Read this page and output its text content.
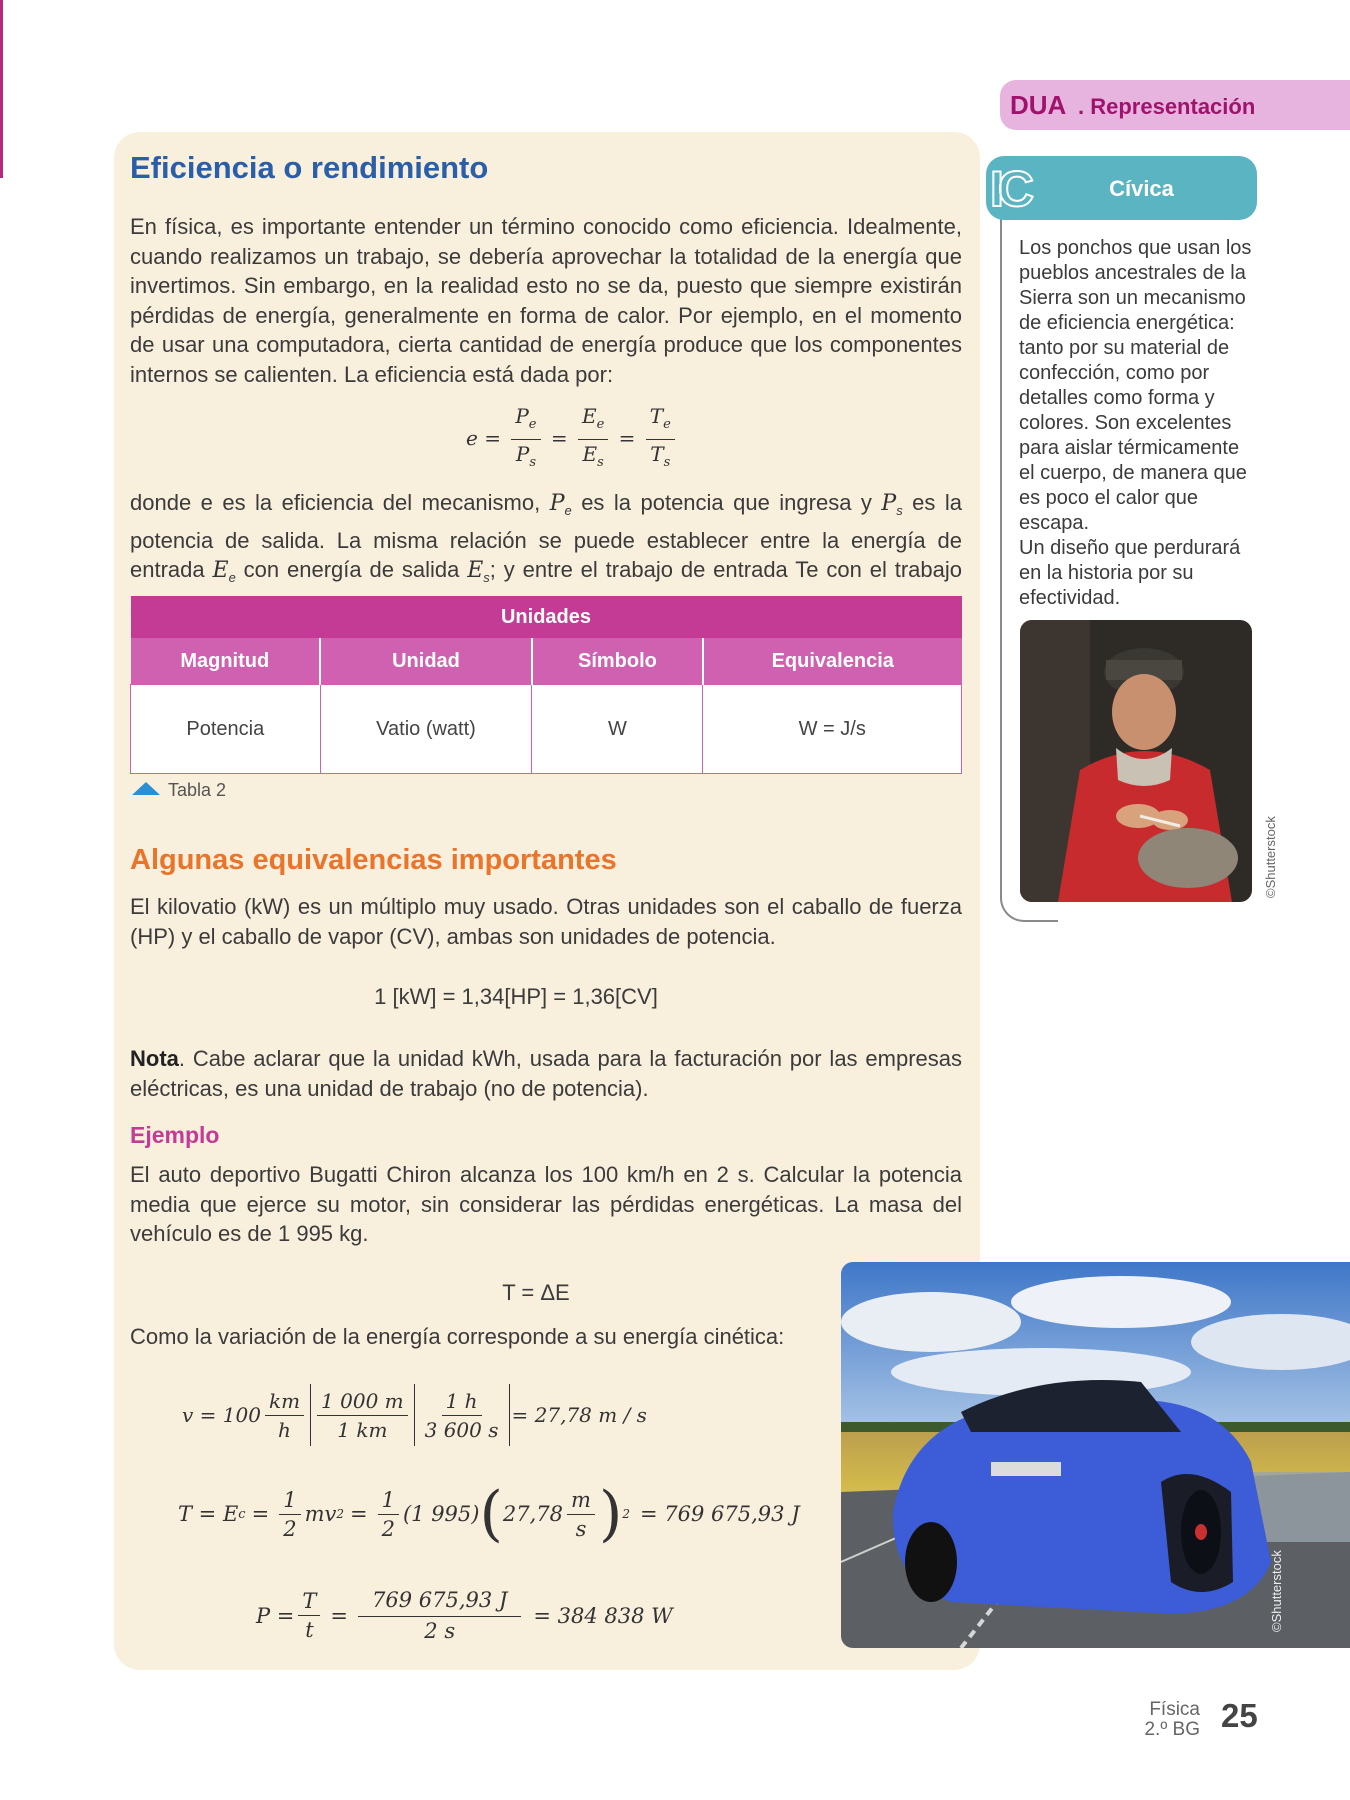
DUA . Representación
Eficiencia o rendimiento
En física, es importante entender un término conocido como eficiencia. Idealmente, cuando realizamos un trabajo, se debería aprovechar la totalidad de la energía que invertimos. Sin embargo, en la realidad esto no se da, puesto que siempre existirán pérdidas de energía, generalmente en forma de calor. Por ejemplo, en el momento de usar una computadora, cierta cantidad de energía produce que los componentes internos se calienten. La eficiencia está dada por:
$e = \frac{P_e}{P_s} = \frac{E_e}{E_s} = \frac{T_e}{T_s}$
donde e es la eficiencia del mecanismo, $P_e$ es la potencia que ingresa y $P_s$ es la potencia de salida. La misma relación se puede establecer entre la energía de entrada $E_e$ con energía de salida $E_s$; y entre el trabajo de entrada Te con el trabajo
Unidades			
Magnitud	Unidad	Símbolo	Equivalencia
Potencia	Vatio (watt)	W	W = J/s
Tabla 2
Algunas equivalencias importantes
El kilovatio (kW) es un múltiplo muy usado. Otras unidades son el caballo de fuerza (HP) y el caballo de vapor (CV), ambas son unidades de potencia.
1 [kW] = 1,34[HP] = 1,36[CV]
Nota. Cabe aclarar que la unidad kWh, usada para la facturación por las empresas eléctricas, es una unidad de trabajo (no de potencia).
Ejemplo
El auto deportivo Bugatti Chiron alcanza los 100 km/h en 2 s. Calcular la potencia media que ejerce su motor, sin considerar las pérdidas energéticas. La masa del vehículo es de 1 995 kg.
T = ΔE
Como la variación de la energía corresponde a su energía cinética:
$v = 100 \frac{km}{h} \frac{1 000 m}{1 km} \frac{1 h}{3 600 s} = 27,78$ m / s
T = E $c = \frac{1}{2}$ mv $2 = \frac{1}{2} (1$ 995) ( $27,78 \frac{m}{s}$ ) 2 = 769 675,93 J
$P = \frac{T}{t} = \frac{769 675,93 J}{2 s} = 384$ 838 W
IC	Cívica
Los ponchos que usan los pueblos ancestrales de la Sierra son un mecanismo de eficiencia energética: tanto por su material de confección, como por detalles como forma y colores. Son excelentes para aislar térmicamente el cuerpo, de manera que es poco el calor que escapa.
Un diseño que perdurará en la historia por su efectividad.
©Shutterstock
©Shutterstock
Física
2.º BG 25
